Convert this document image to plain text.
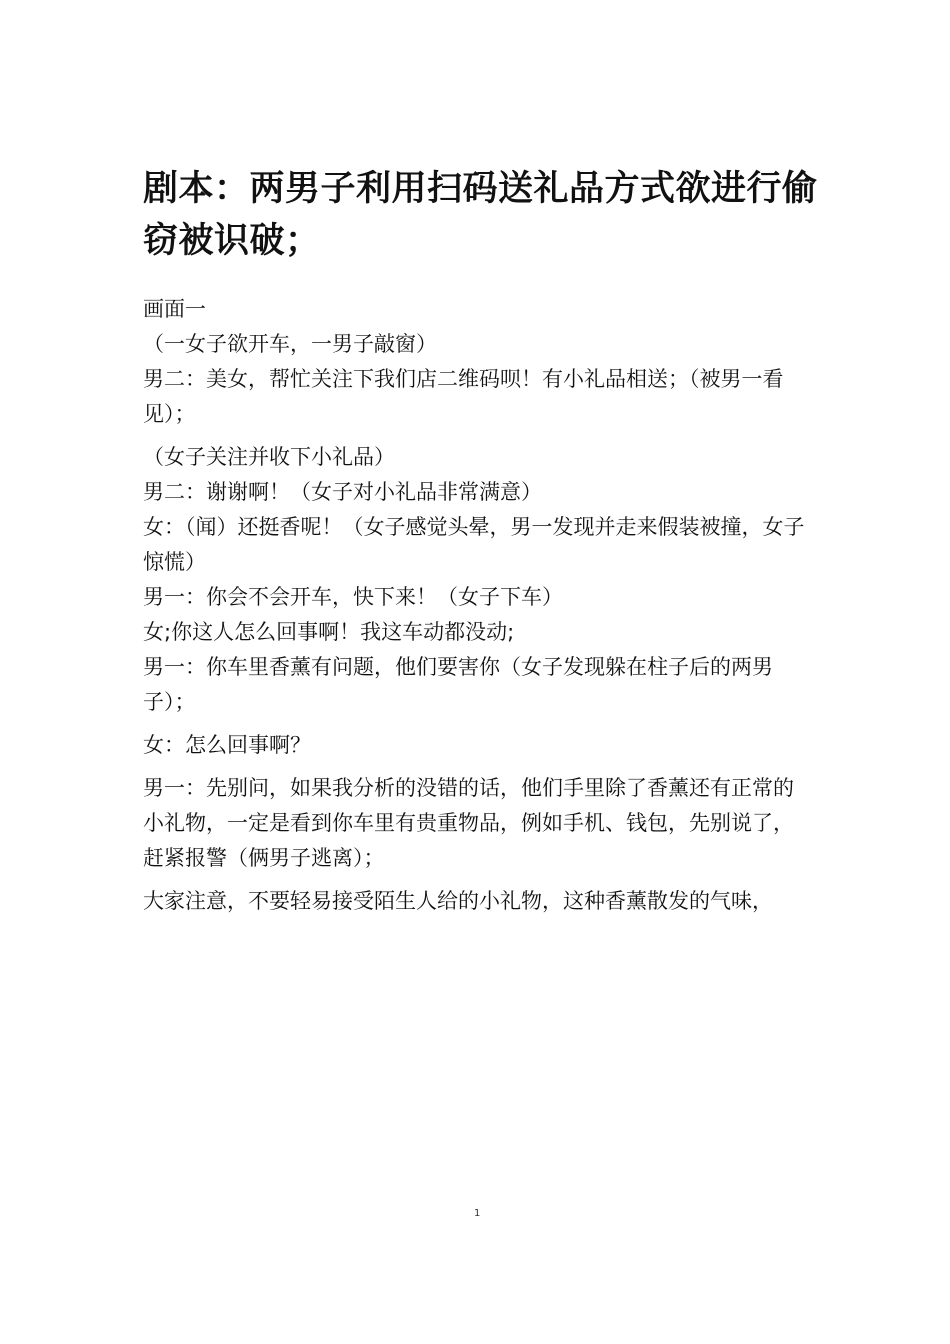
剧本：两男子利用扫码送礼品方式欲进行偷窃被识破；

画面一

（一女子欲开车，一男子敲窗）

男二：美女，帮忙关注下我们店二维码呗！有小礼品相送；（被男一看见）；

（女子关注并收下小礼品）

男二：谢谢啊！（女子对小礼品非常满意）

女：（闻）还挺香呢！（女子感觉头晕，男一发现并走来假装被撞，女子惊慌）

男一：你会不会开车，快下来！（女子下车）

女;你这人怎么回事啊！我这车动都没动;

男一：你车里香薰有问题，他们要害你（女子发现躲在柱子后的两男子）；

女：怎么回事啊？

男一：先别问，如果我分析的没错的话，他们手里除了香薰还有正常的小礼物，一定是看到你车里有贵重物品，例如手机、钱包，先别说了，赶紧报警（俩男子逃离）；

大家注意，不要轻易接受陌生人给的小礼物，这种香薰散发的气味，

1
